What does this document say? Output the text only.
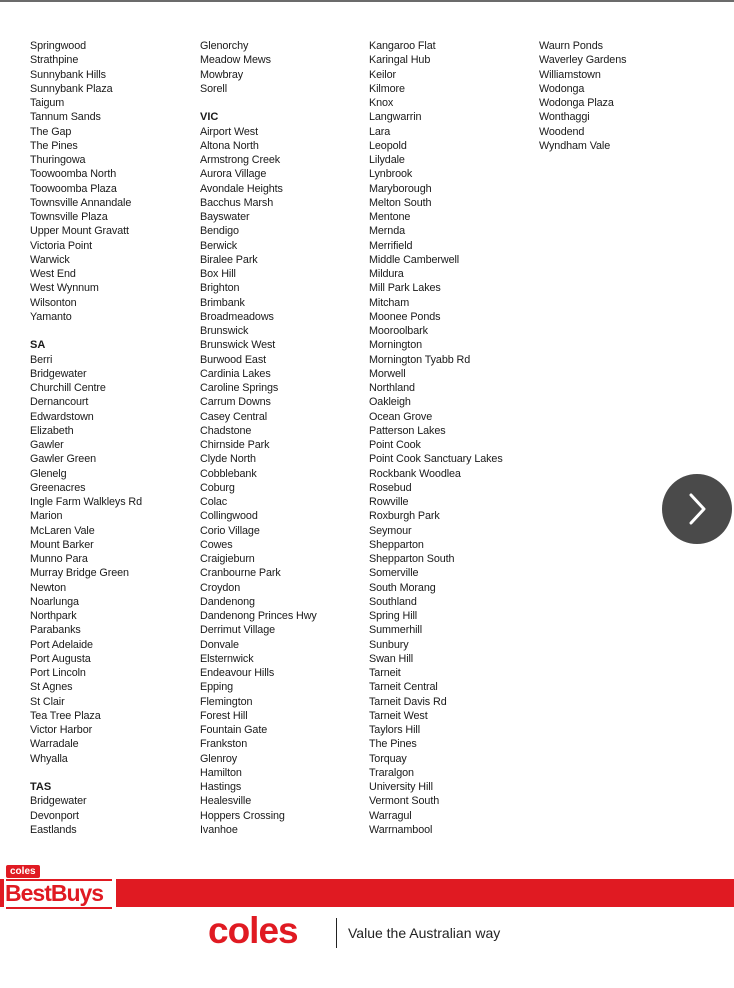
Springwood
Strathpine
Sunnybank Hills
Sunnybank Plaza
Taigum
Tannum Sands
The Gap
The Pines
Thuringowa
Toowoomba North
Toowoomba Plaza
Townsville Annandale
Townsville Plaza
Upper Mount Gravatt
Victoria Point
Warwick
West End
West Wynnum
Wilsonton
Yamanto
SA
Berri
Bridgewater
Churchill Centre
Dernancourt
Edwardstown
Elizabeth
Gawler
Gawler Green
Glenelg
Greenacres
Ingle Farm Walkleys Rd
Marion
McLaren Vale
Mount Barker
Munno Para
Murray Bridge Green
Newton
Noarlunga
Northpark
Parabanks
Port Adelaide
Port Augusta
Port Lincoln
St Agnes
St Clair
Tea Tree Plaza
Victor Harbor
Warradale
Whyalla
TAS
Bridgewater
Devonport
Eastlands
Glenorchy
Meadow Mews
Mowbray
Sorell
VIC
Airport West
Altona North
Armstrong Creek
Aurora Village
Avondale Heights
Bacchus Marsh
Bayswater
Bendigo
Berwick
Biralee Park
Box Hill
Brighton
Brimbank
Broadmeadows
Brunswick
Brunswick West
Burwood East
Cardinia Lakes
Caroline Springs
Carrum Downs
Casey Central
Chadstone
Chirnside Park
Clyde North
Cobblebank
Coburg
Colac
Collingwood
Corio Village
Cowes
Craigieburn
Cranbourne Park
Croydon
Dandenong
Dandenong Princes Hwy
Derrimut Village
Donvale
Elsternwick
Endeavour Hills
Epping
Flemington
Forest Hill
Fountain Gate
Frankston
Glenroy
Hamilton
Hastings
Healesville
Hoppers Crossing
Ivanhoe
Kangaroo Flat
Karingal Hub
Keilor
Kilmore
Knox
Langwarrin
Lara
Leopold
Lilydale
Lynbrook
Maryborough
Melton South
Mentone
Mernda
Merrifield
Middle Camberwell
Mildura
Mill Park Lakes
Mitcham
Moonee Ponds
Mooroolbark
Mornington
Mornington Tyabb Rd
Morwell
Northland
Oakleigh
Ocean Grove
Patterson Lakes
Point Cook
Point Cook Sanctuary Lakes
Rockbank Woodlea
Rosebud
Rowville
Roxburgh Park
Seymour
Shepparton
Shepparton South
Somerville
South Morang
Southland
Spring Hill
Summerhill
Sunbury
Swan Hill
Tarneit
Tarneit Central
Tarneit Davis Rd
Tarneit West
Taylors Hill
The Pines
Torquay
Traralgon
University Hill
Vermont South
Warragul
Warrnambool
Waurn Ponds
Waverley Gardens
Williamstown
Wodonga
Wodonga Plaza
Wonthaggi
Woodend
Wyndham Vale
coles
BestBuys
coles	Value the Australian way
